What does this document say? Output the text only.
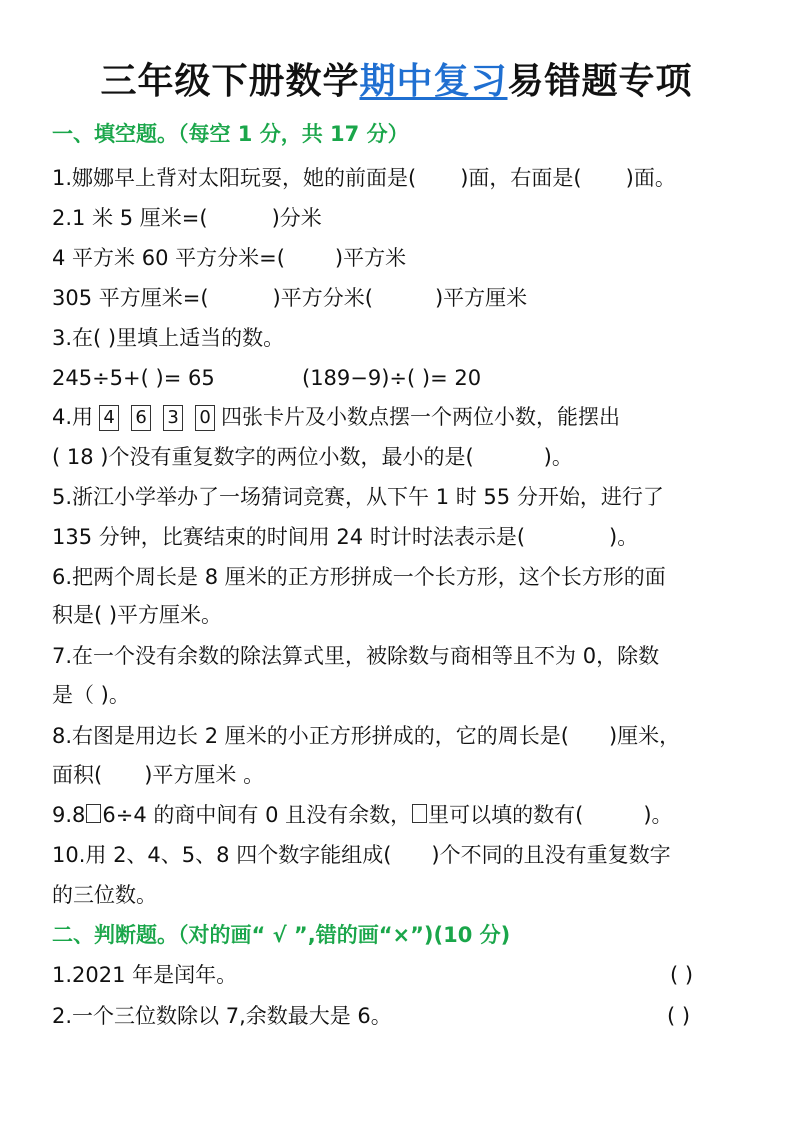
三年级下册数学期中复习易错题专项
一、填空题。（每空 1 分，共 17 分）
1.娜娜早上背对太阳玩耍，她的前面是( )面，右面是( )面。
2.1 米 5 厘米=(	)分米
4 平方米 60 平方分米=( )平方米
305 平方厘米=(	)平方分米(	)平方厘米
3.在( )里填上适当的数。
245÷5+( )= 65	(189−9)÷( )= 20
4.用 4 6 3 0 四张卡片及小数点摆一个两位小数，能摆出
( 18 )个没有重复数字的两位小数，最小的是(	)。
5.浙江小学举办了一场猜词竞赛，从下午 1 时 55 分开始，进行了
135 分钟，比赛结束的时间用 24 时计时法表示是(	)。
6.把两个周长是 8 厘米的正方形拼成一个长方形，这个长方形的面
积是( )平方厘米。
7.在一个没有余数的除法算式里，被除数与商相等且不为 0，除数
是（ )。
8.右图是用边长 2 厘米的小正方形拼成的，它的周长是( )厘米，
面积( )平方厘米 。
9.8 6÷4 的商中间有 0 且没有余数， 里可以填的数有(	)。
10.用 2、4、5、8 四个数字能组成( )个不同的且没有重复数字
的三位数。
二、判断题。（对的画“ √ ”,错的画“×”)(10 分)
1.2021 年是闰年。	( )
2.一个三位数除以 7,余数最大是 6。	( )
